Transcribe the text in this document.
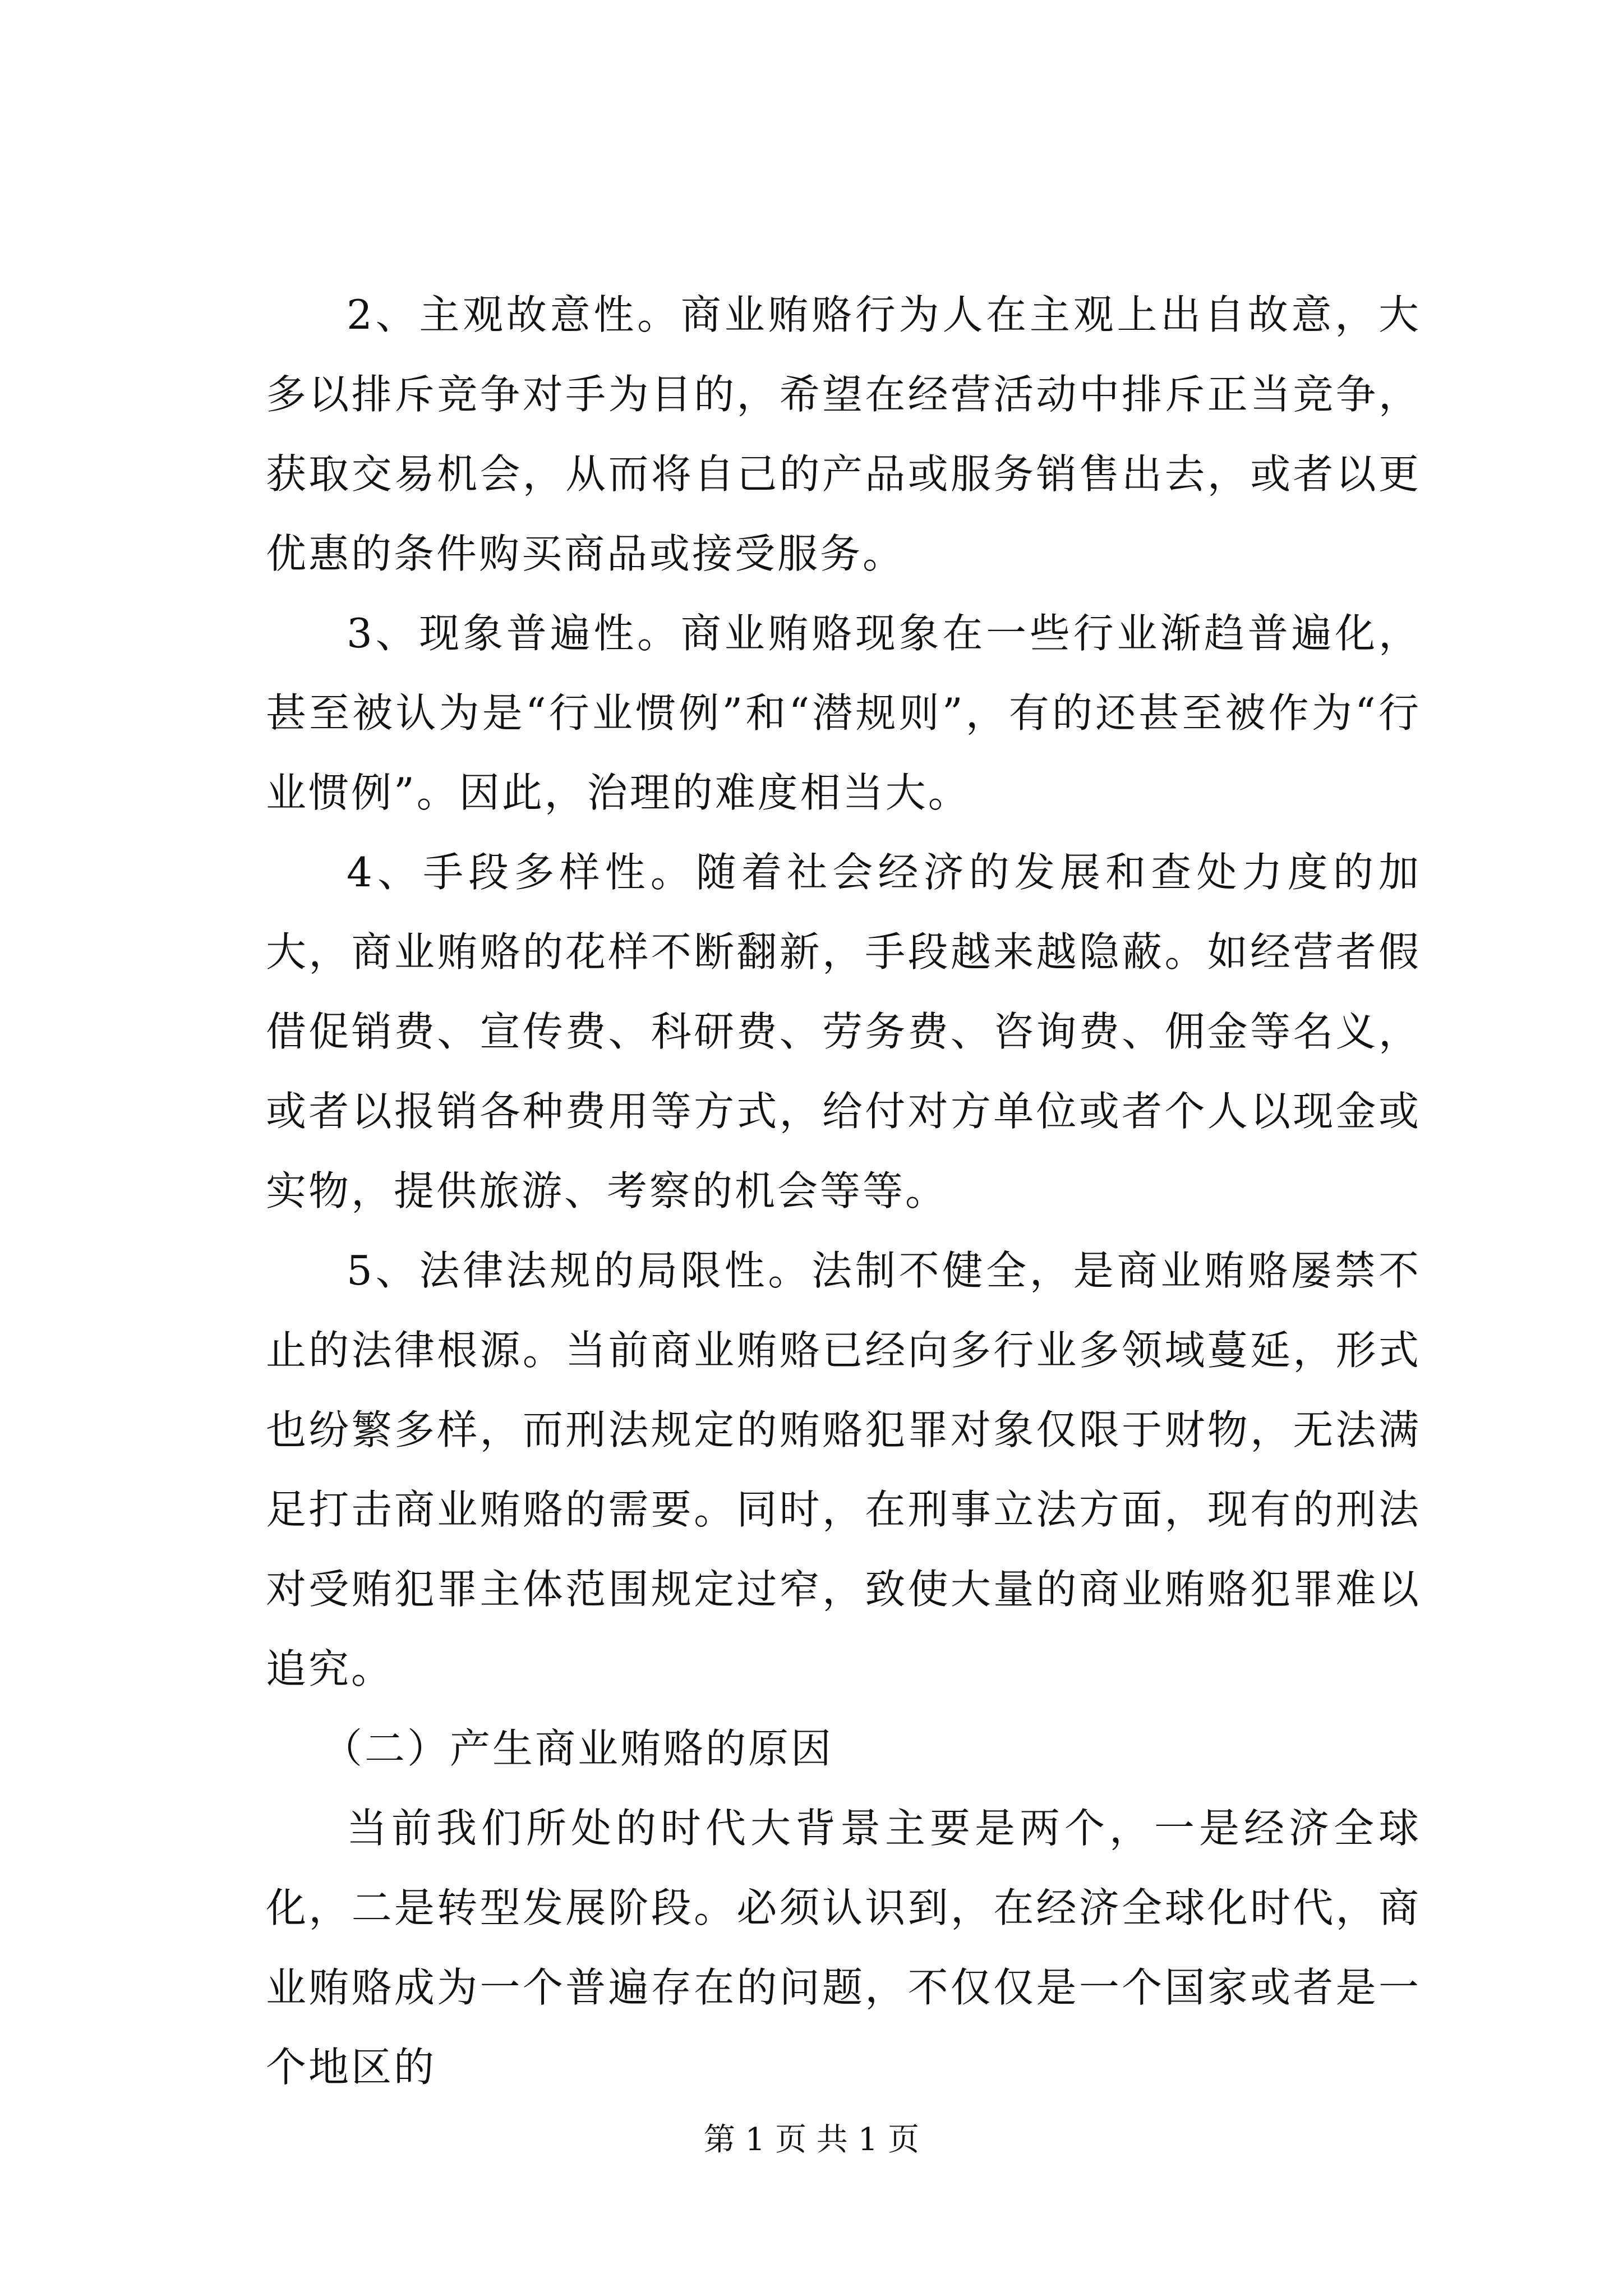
2、主观故意性。商业贿赂行为人在主观上出自故意，大多以排斥竞争对手为目的，希望在经营活动中排斥正当竞争，获取交易机会，从而将自己的产品或服务销售出去，或者以更优惠的条件购买商品或接受服务。

3、现象普遍性。商业贿赂现象在一些行业渐趋普遍化，甚至被认为是“行业惯例”和“潜规则”，有的还甚至被作为“行业惯例”。因此，治理的难度相当大。

4、手段多样性。随着社会经济的发展和查处力度的加大，商业贿赂的花样不断翻新，手段越来越隐蔽。如经营者假借促销费、宣传费、科研费、劳务费、咨询费、佣金等名义，或者以报销各种费用等方式，给付对方单位或者个人以现金或实物，提供旅游、考察的机会等等。

5、法律法规的局限性。法制不健全，是商业贿赂屡禁不止的法律根源。当前商业贿赂已经向多行业多领域蔓延，形式也纷繁多样，而刑法规定的贿赂犯罪对象仅限于财物，无法满足打击商业贿赂的需要。同时，在刑事立法方面，现有的刑法对受贿犯罪主体范围规定过窄，致使大量的商业贿赂犯罪难以追究。

（二）产生商业贿赂的原因

当前我们所处的时代大背景主要是两个，一是经济全球化，二是转型发展阶段。必须认识到，在经济全球化时代，商业贿赂成为一个普遍存在的问题，不仅仅是一个国家或者是一个地区的

第 1 页 共 1 页
